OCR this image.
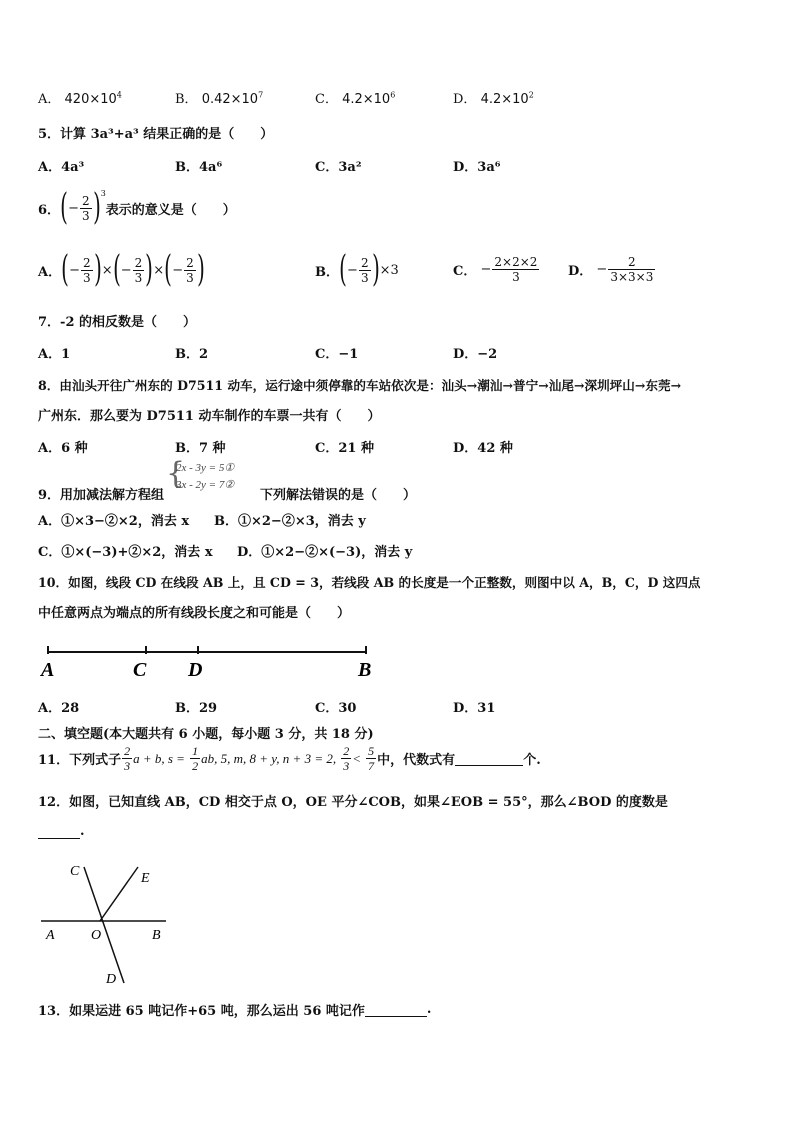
A． $420\times 10^4$	B． $0.42\times 10^7$	C． $4.2\times 10^6$	D． $4.2\times 10^2$
5．计算 3a³+a³ 结果正确的是（　　）
A．4a³	B．4a⁶	C．3a²	D．3a⁶
6． ( − $\frac{2}{3} )^3$
表示的意义是（　　）
A． ( − $\frac{2}{3}$ ) × ( − $\frac{2}{3}$ ) × ( − $\frac{2}{3}$ )	B． ( − $\frac{2}{3}$ ) ×3	C．
− $\frac{2\times 2\times 2}{3}$ D．
− $\frac{2}{3\times 3\times 3}$
7．-2 的相反数是（　　）
A．1	B．2	C．−1	D．−2
8．由汕头开往广州东的 D7511 动车，运行途中须停靠的车站依次是：汕头→潮汕→普宁→汕尾→深圳坪山→东莞→
广州东．那么要为 D7511 动车制作的车票一共有（　　）
A．6 种	B．7 种	C．21 种	D．42 种
9．用加减法解方程组
{
2x - 3y = 5①
3x - 2y = 7②
下列解法错误的是（　　）
A．①×3−②×2，消去 x B．①×2−②×3，消去 y
C．①×(−3)+②×2，消去 x D．①×2−②×(−3)，消去 y
10．如图，线段 CD 在线段 AB 上，且 CD = 3，若线段 AB 的长度是一个正整数，则图中以 A，B，C，D 这四点
中任意两点为端点的所有线段长度之和可能是（　　）
A	C D	B
A．28	B．29	C．30	D．31
二、填空题(本大题共有 6 小题，每小题 3 分，共 18 分)
11．下列式子 $\frac{2}{3}$ a + b, s =
$\frac{1}{2}$ ab, 5, m, 8 + y, n + 3 = 2,
$\frac{2}{3}$ <
$\frac{5}{7}$ 中，代数式有	个.
12．如图，已知直线 AB，CD 相交于点 O，OE 平分∠COB，如果∠EOB = 55°，那么∠BOD 的度数是
.
C	E
A	O	B
D
13．如果运进 65 吨记作+65 吨，那么运出 56 吨记作	.
